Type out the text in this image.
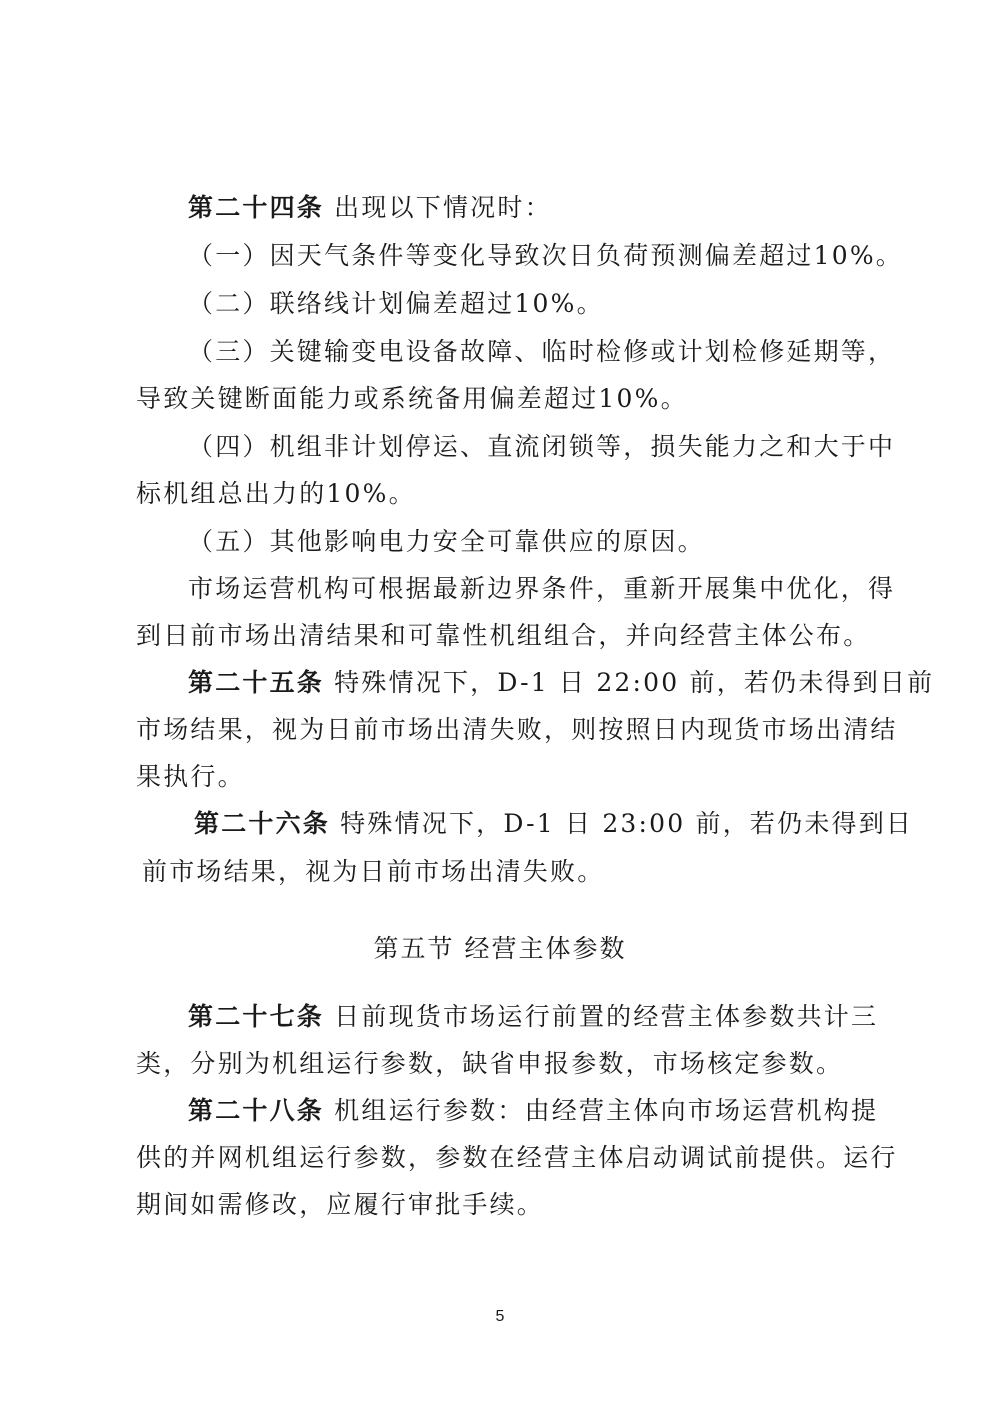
第二十四条 出现以下情况时：
（一）因天气条件等变化导致次日负荷预测偏差超过10%。
（二）联络线计划偏差超过10%。
（三）关键输变电设备故障、临时检修或计划检修延期等，
导致关键断面能力或系统备用偏差超过10%。
（四）机组非计划停运、直流闭锁等，损失能力之和大于中
标机组总出力的10%。
（五）其他影响电力安全可靠供应的原因。
市场运营机构可根据最新边界条件，重新开展集中优化，得
到日前市场出清结果和可靠性机组组合，并向经营主体公布。
第二十五条 特殊情况下，D-1 日 22:00 前，若仍未得到日前
市场结果，视为日前市场出清失败，则按照日内现货市场出清结
果执行。
第二十六条 特殊情况下，D-1 日 23:00 前，若仍未得到日
前市场结果，视为日前市场出清失败。
第五节 经营主体参数
第二十七条 日前现货市场运行前置的经营主体参数共计三
类，分别为机组运行参数，缺省申报参数，市场核定参数。
第二十八条 机组运行参数：由经营主体向市场运营机构提
供的并网机组运行参数，参数在经营主体启动调试前提供。运行
期间如需修改，应履行审批手续。
5
